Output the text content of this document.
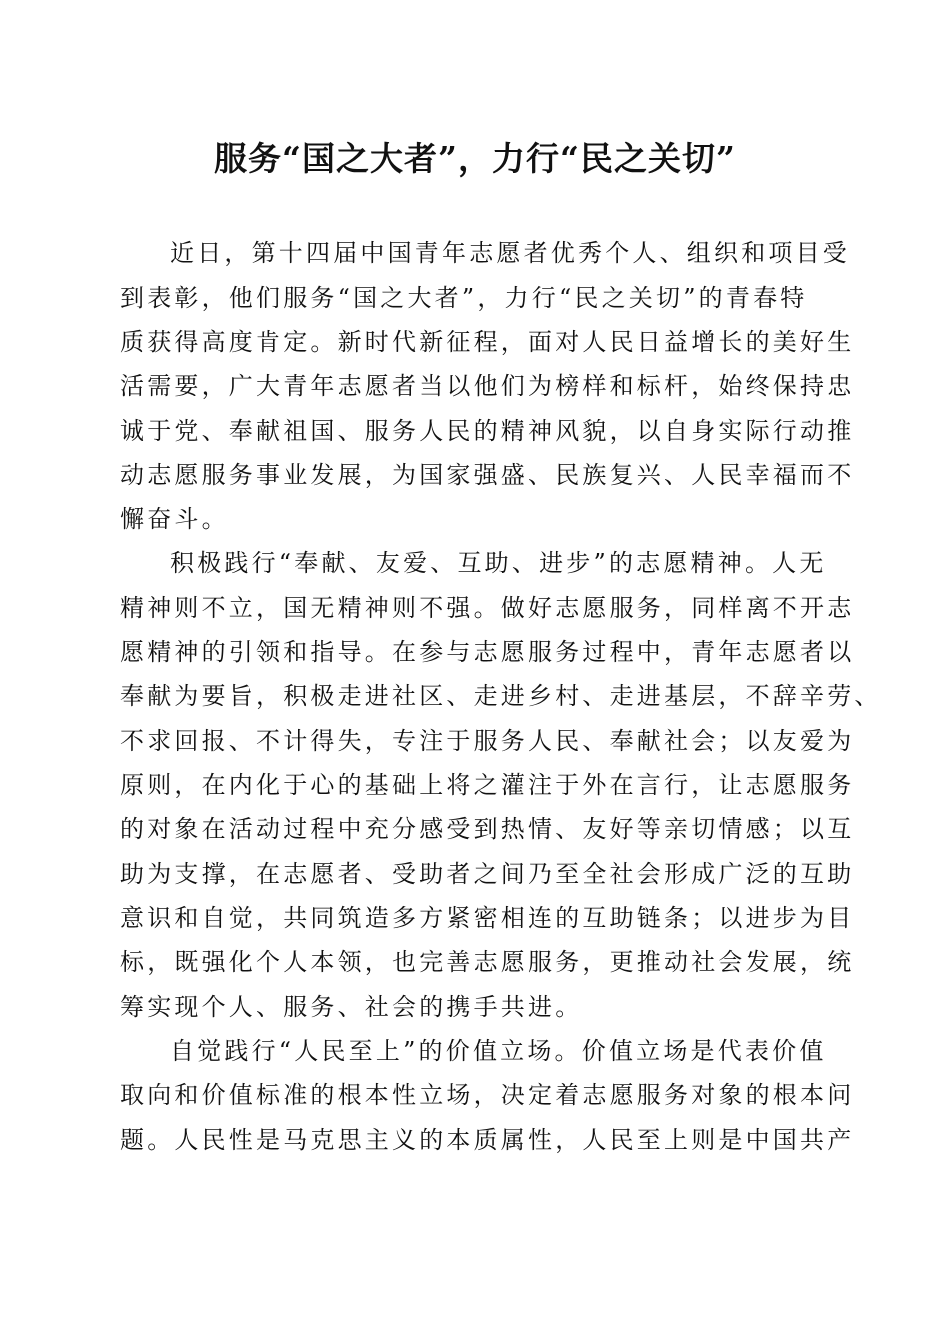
服务“国之大者”，力行“民之关切”
近日，第十四届中国青年志愿者优秀个人、组织和项目受
到表彰，他们服务“国之大者”，力行“民之关切”的青春特
质获得高度肯定。新时代新征程，面对人民日益增长的美好生
活需要，广大青年志愿者当以他们为榜样和标杆，始终保持忠
诚于党、奉献祖国、服务人民的精神风貌，以自身实际行动推
动志愿服务事业发展，为国家强盛、民族复兴、人民幸福而不
懈奋斗。
积极践行“奉献、友爱、互助、进步”的志愿精神。人无
精神则不立，国无精神则不强。做好志愿服务，同样离不开志
愿精神的引领和指导。在参与志愿服务过程中，青年志愿者以
奉献为要旨，积极走进社区、走进乡村、走进基层，不辞辛劳、
不求回报、不计得失，专注于服务人民、奉献社会；以友爱为
原则，在内化于心的基础上将之灌注于外在言行，让志愿服务
的对象在活动过程中充分感受到热情、友好等亲切情感；以互
助为支撑，在志愿者、受助者之间乃至全社会形成广泛的互助
意识和自觉，共同筑造多方紧密相连的互助链条；以进步为目
标，既强化个人本领，也完善志愿服务，更推动社会发展，统
筹实现个人、服务、社会的携手共进。
自觉践行“人民至上”的价值立场。价值立场是代表价值
取向和价值标准的根本性立场，决定着志愿服务对象的根本问
题。人民性是马克思主义的本质属性，人民至上则是中国共产
